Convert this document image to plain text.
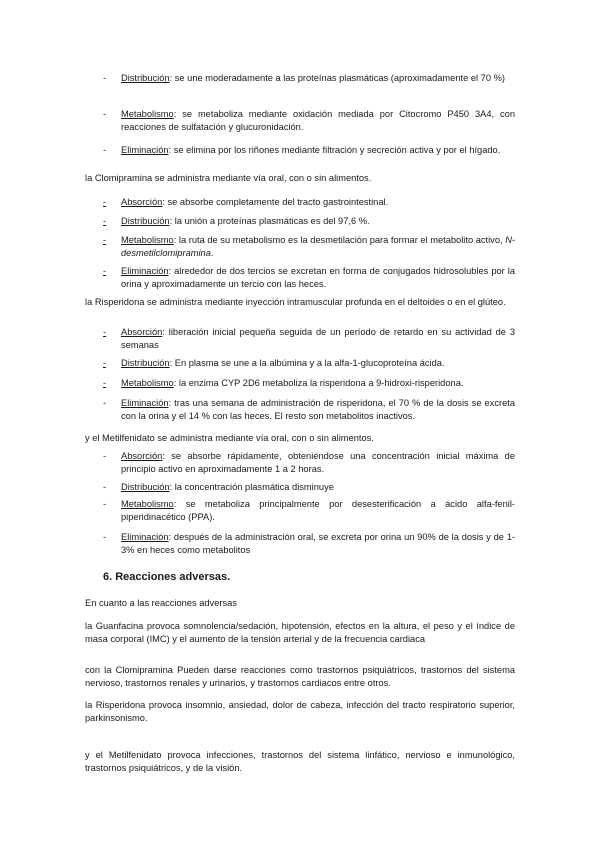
-	Distribución: se une moderadamente a las proteínas plasmáticas (aproximadamente el 70 %)
-	Metabolismo: se metaboliza mediante oxidación mediada por Citocromo P450 3A4, con reacciones de sulfatación y glucuronidación.
-	Eliminación: se elimina por los riñones mediante filtración y secreción activa y por el hígado.

la Clomipramina se administra mediante vía oral, con o sin alimentos.

-	Absorción: se absorbe completamente del tracto gastrointestinal.
-	Distribución: la unión a proteínas plasmáticas es del 97,6 %.
-	Metabolismo: la ruta de su metabolismo es la desmetilación para formar el metabolito activo, N-desmetilclomipramina.
-	Eliminación: alrededor de dos tercios se excretan en forma de conjugados hidrosolubles por la orina y aproximadamente un tercio con las heces.

la Risperidona se administra mediante inyección intramuscular profunda en el deltoides o en el glúteo.

-	Absorción: liberación inicial pequeña seguida de un período de retardo en su actividad de 3 semanas
-	Distribución: En plasma se une a la albúmina y a la alfa-1-glucoproteína ácida.
-	Metabolismo: la enzima CYP 2D6 metaboliza la risperidona a 9-hidroxi-risperidona.
-	Eliminación: tras una semana de administración de risperidona, el 70 % de la dosis se excreta con la orina y el 14 % con las heces. El resto son metabolitos inactivos.

y el Metilfenidato se administra mediante vía oral, con o sin alimentos.

-	Absorción: se absorbe rápidamente, obteniéndose una concentración inicial máxima de principio activo en aproximadamente 1 a 2 horas.
-	Distribución: la concentración plasmática disminuye
-	Metabolismo: se metaboliza principalmente por desesterificación a ácido alfa-fenil-piperidinacético (PPA).
-	Eliminación: después de la administración oral, se excreta por orina un 90% de la dosis y de 1-3% en heces como metabolitos
6. Reacciones adversas.

En cuanto a las reacciones adversas

la Guanfacina provoca somnolencia/sedación, hipotensión, efectos en la altura, el peso y el índice de masa corporal (IMC) y el aumento de la tensión arterial y de la frecuencia cardiaca

con la Clomipramina Pueden darse reacciones como trastornos psiquiátricos, trastornos del sistema nervioso, trastornos renales y urinarios, y trastornos cardiacos entre otros.

la Risperidona provoca insomnio, ansiedad, dolor de cabeza, infección del tracto respiratorio superior, parkinsonismo.

y el Metilfenidato provoca infecciones, trastornos del sistema linfático, nervioso e inmunológico, trastornos psiquiátricos, y de la visión.
